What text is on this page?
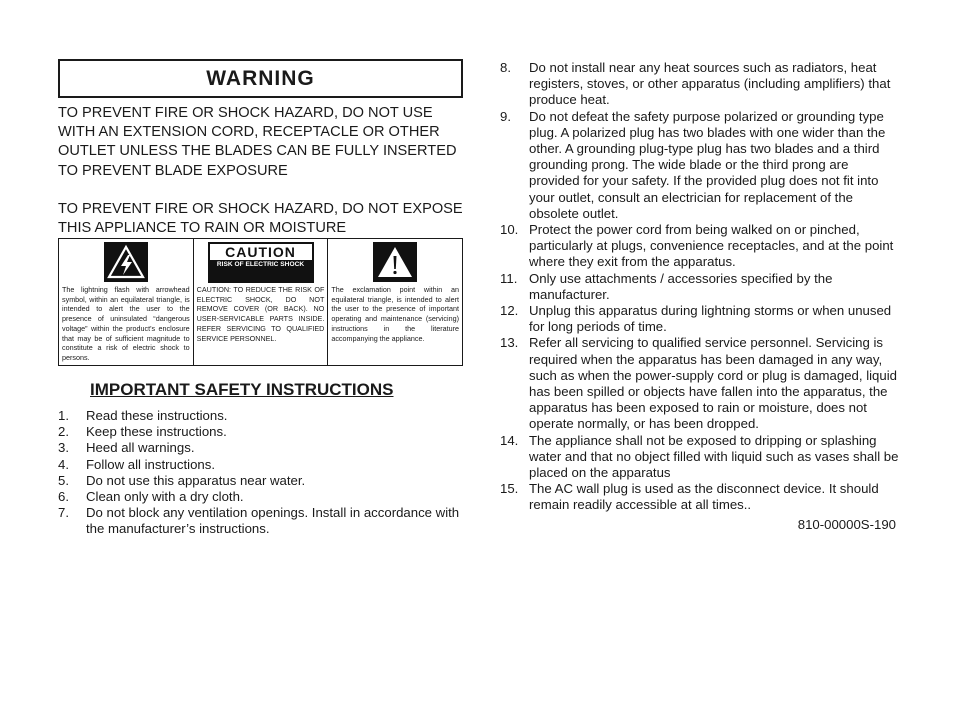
WARNING
TO PREVENT FIRE OR SHOCK HAZARD, DO NOT USE WITH AN EXTENSION CORD, RECEPTACLE OR OTHER OUTLET UNLESS THE BLADES CAN BE FULLY INSERTED TO PREVENT BLADE EXPOSURE
TO PREVENT FIRE OR SHOCK HAZARD, DO NOT EXPOSE THIS APPLIANCE TO RAIN OR MOISTURE
The lightning flash with arrowhead symbol, within an equilateral triangle, is intended to alert the user to the presence of uninsulated “dangerous voltage” within the product’s enclosure that may be of sufficient magnitude to constitute a risk of electric shock to persons.
CAUTION
RISK OF ELECTRIC SHOCK
CAUTION: TO REDUCE THE RISK OF ELECTRIC SHOCK, DO NOT REMOVE COVER (OR BACK). NO USER-SERVICABLE PARTS INSIDE. REFER SERVICING TO QUALIFIED SERVICE PERSONNEL.
The exclamation point within an equilateral triangle, is intended to alert the user to the presence of important operating and maintenance (servicing) instructions in the literature accompanying the appliance.
IMPORTANT SAFETY INSTRUCTIONS
1.	Read these instructions.
2.	Keep these instructions.
3.	Heed all warnings.
4.	Follow all instructions.
5.	Do not use this apparatus near water.
6.	Clean only with a dry cloth.
7.	Do not block any ventilation openings. Install in accordance with the manufacturer’s instructions.
8.	Do not install near any heat sources such as radiators, heat registers, stoves, or other apparatus (including amplifiers) that produce heat.
9.	Do not defeat the safety purpose polarized or grounding type plug. A polarized plug has two blades with one wider than the other. A grounding plug-type plug has two blades and a third grounding prong. The wide blade or the third prong are provided for your safety. If the provided plug does not fit into your outlet, consult an electrician for replacement of the obsolete outlet.
10. Protect the power cord from being walked on or pinched, particularly at plugs, convenience receptacles, and at the point where they exit from the apparatus.
11. Only use attachments / accessories specified by the manufacturer.
12. Unplug this apparatus during lightning storms or when unused for long periods of time.
13. Refer all servicing to qualified service personnel. Servicing is required when the apparatus has been damaged in any way, such as when the power-supply cord or plug is damaged, liquid has been spilled or objects have fallen into the apparatus, the apparatus has been exposed to rain or moisture, does not operate normally, or has been dropped.
14. The appliance shall not be exposed to dripping or splashing water and that no object filled with liquid such as vases shall be placed on the apparatus
15. The AC wall plug is used as the disconnect device. It should remain readily accessible at all times..
810-00000S-190
